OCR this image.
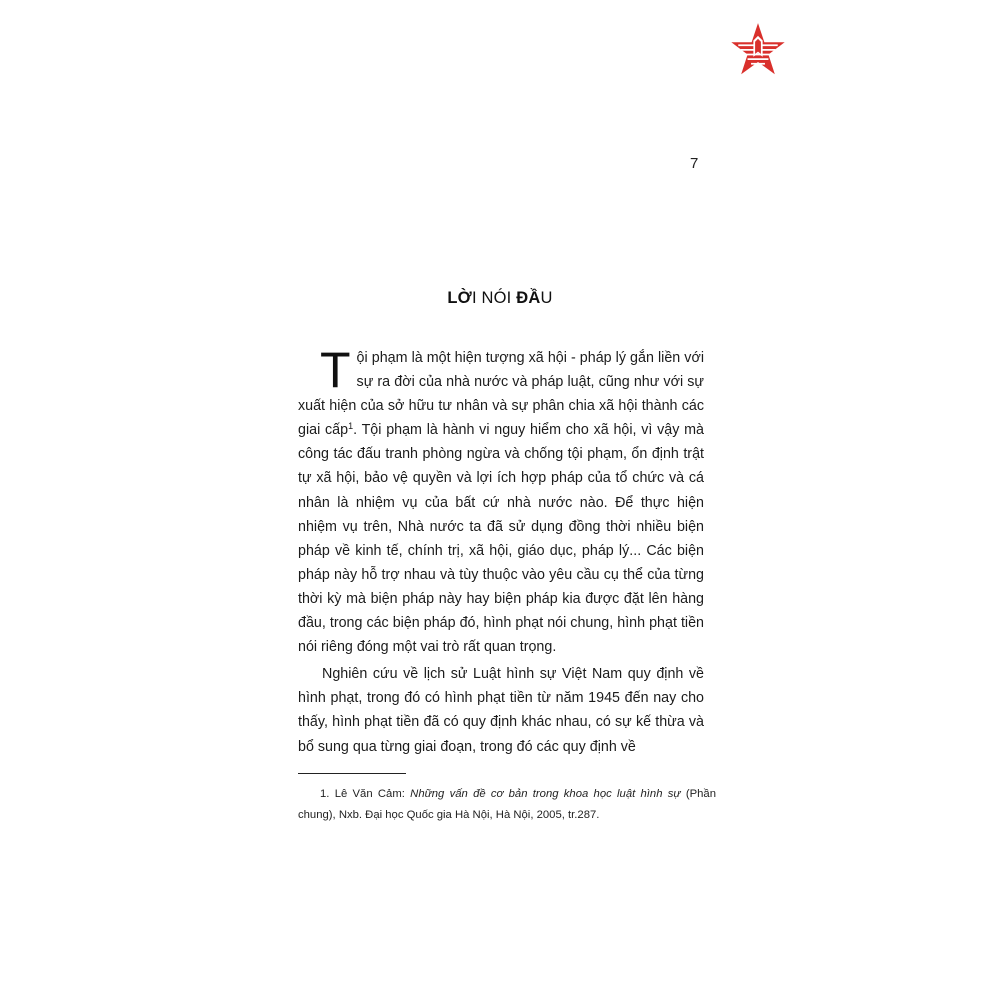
7
LỜI NÓI ĐẦU

Tội phạm là một hiện tượng xã hội - pháp lý gắn liền với sự ra đời của nhà nước và pháp luật, cũng như với sự xuất hiện của sở hữu tư nhân và sự phân chia xã hội thành các giai cấp$^1$. Tội phạm là hành vi nguy hiểm cho xã hội, vì vậy mà công tác đấu tranh phòng ngừa và chống tội phạm, ổn định trật tự xã hội, bảo vệ quyền và lợi ích hợp pháp của tổ chức và cá nhân là nhiệm vụ của bất cứ nhà nước nào. Để thực hiện nhiệm vụ trên, Nhà nước ta đã sử dụng đồng thời nhiều biện pháp về kinh tế, chính trị, xã hội, giáo dục, pháp lý... Các biện pháp này hỗ trợ nhau và tùy thuộc vào yêu cầu cụ thể của từng thời kỳ mà biện pháp này hay biện pháp kia được đặt lên hàng đầu, trong các biện pháp đó, hình phạt nói chung, hình phạt tiền nói riêng đóng một vai trò rất quan trọng.

Nghiên cứu về lịch sử Luật hình sự Việt Nam quy định về hình phạt, trong đó có hình phạt tiền từ năm 1945 đến nay cho thấy, hình phạt tiền đã có quy định khác nhau, có sự kế thừa và bổ sung qua từng giai đoạn, trong đó các quy định về

1. Lê Văn Cảm: Những vấn đề cơ bản trong khoa học luật hình sự (Phần chung), Nxb. Đại học Quốc gia Hà Nội, Hà Nội, 2005, tr.287.
